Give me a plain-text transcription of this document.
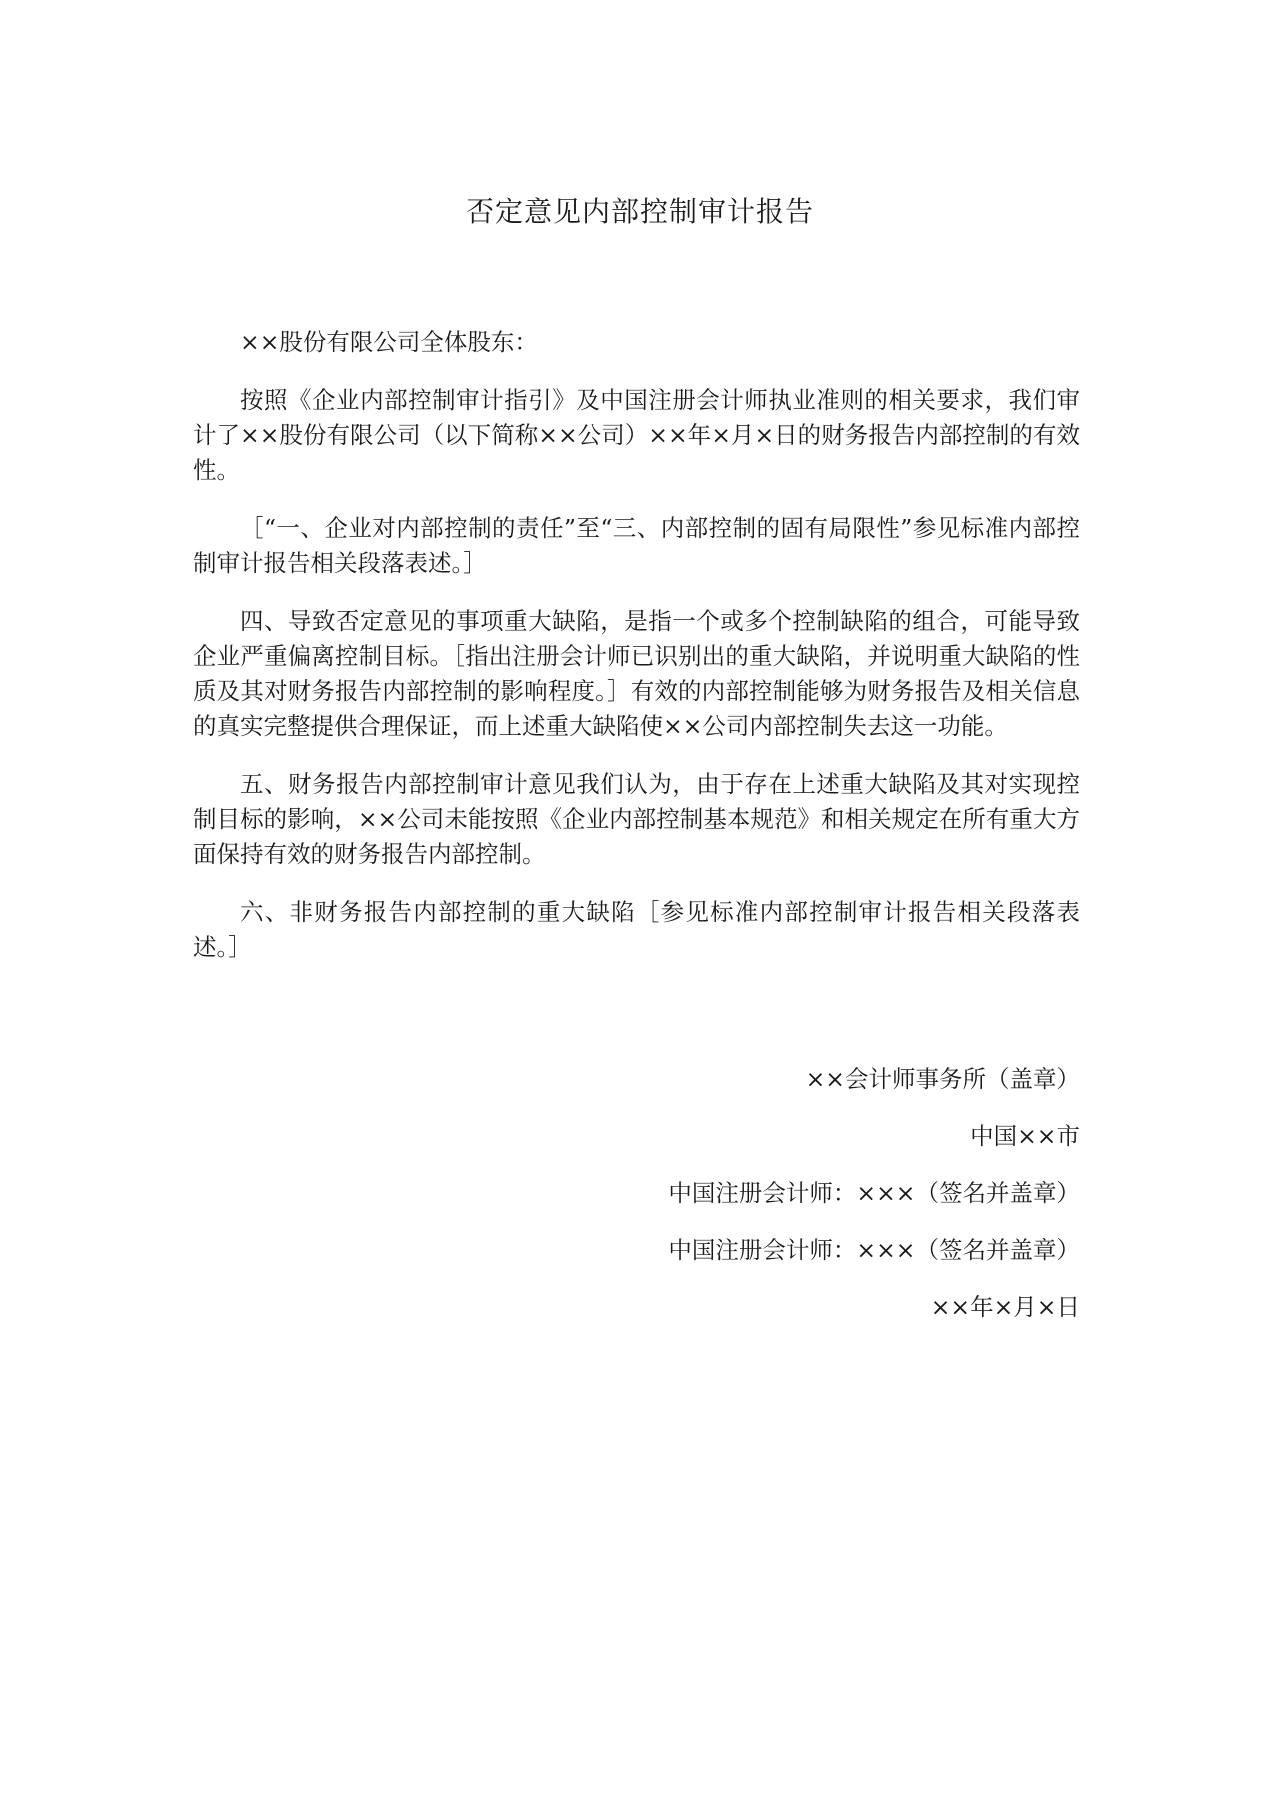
否定意见内部控制审计报告

××股份有限公司全体股东：

按照《企业内部控制审计指引》及中国注册会计师执业准则的相关要求，我们审计了××股份有限公司（以下简称××公司）××年×月×日的财务报告内部控制的有效性。

［“一、企业对内部控制的责任”至“三、内部控制的固有局限性”参见标准内部控制审计报告相关段落表述。］

四、导致否定意见的事项重大缺陷，是指一个或多个控制缺陷的组合，可能导致企业严重偏离控制目标。［指出注册会计师已识别出的重大缺陷，并说明重大缺陷的性质及其对财务报告内部控制的影响程度。］有效的内部控制能够为财务报告及相关信息的真实完整提供合理保证，而上述重大缺陷使××公司内部控制失去这一功能。

五、财务报告内部控制审计意见我们认为，由于存在上述重大缺陷及其对实现控制目标的影响，××公司未能按照《企业内部控制基本规范》和相关规定在所有重大方面保持有效的财务报告内部控制。

六、非财务报告内部控制的重大缺陷［参见标准内部控制审计报告相关段落表述。］

××会计师事务所（盖章）
中国××市
中国注册会计师：×××（签名并盖章）
中国注册会计师：×××（签名并盖章）
××年×月×日
